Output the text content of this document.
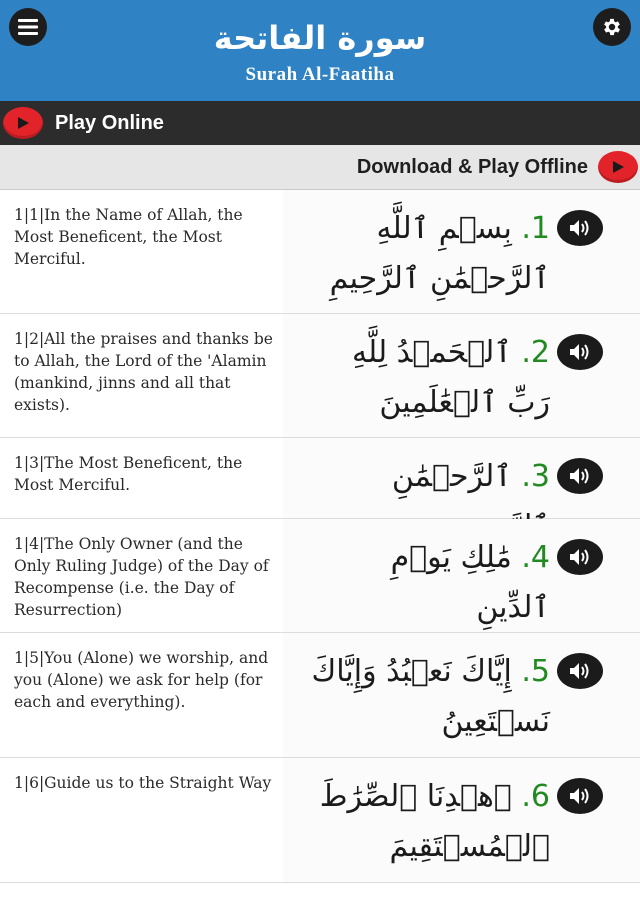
سورة الفاتحة
Surah Al-Faatiha
Play Online
Download & Play Offline
1|1|In the Name of Allah, the Most Beneficent, the Most Merciful.
1. بِسۡمِ ٱللَّهِ ٱلرَّحۡمَٰنِ ٱلرَّحِيمِ
1|2|All the praises and thanks be to Allah, the Lord of the 'Alamin (mankind, jinns and all that exists).
2. ٱلۡحَمۡدُ لِلَّهِ رَبِّ ٱلۡعَٰلَمِينَ
1|3|The Most Beneficent, the Most Merciful.	3. ٱلرَّحۡمَٰنِ
1|4|The Only Owner (and the Only Ruling Judge) of the Day of Recompense (i.e. the Day of Resurrection)
4. مَٰلِكِ يَوۡمِ ٱلدِّينِ
1|5|You (Alone) we worship, and you (Alone) we ask for help (for each and everything).
5. إِيَّاكَ نَعۡبُدُ وَإِيَّاكَ نَسۡتَعِينُ
1|6|Guide us to the Straight Way	6. ٱهۡدِنَا ٱلصِّرَٰطَ ٱلۡمُسۡتَقِيمَ
